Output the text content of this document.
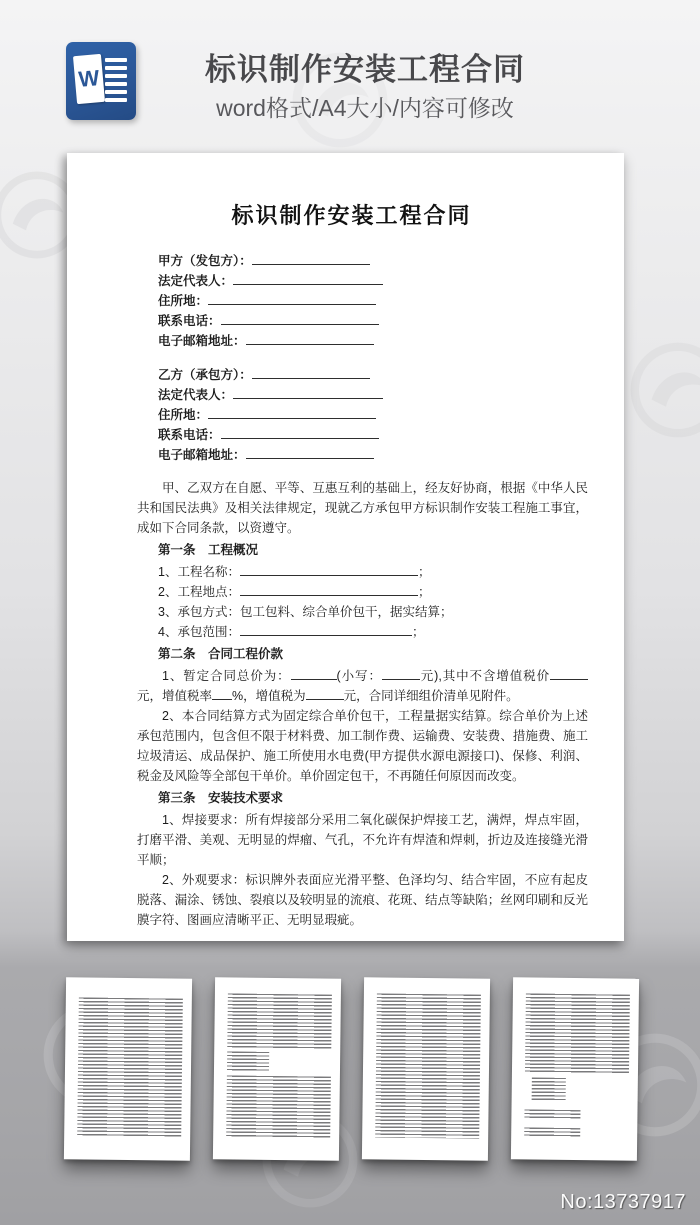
W	标识制作安装工程合同
word格式/A4大小/内容可修改
标识制作安装工程合同
甲方（发包方）：
法定代表人：
住所地：
联系电话：
电子邮箱地址：
乙方（承包方）：
法定代表人：
住所地：
联系电话：
电子邮箱地址：

甲、乙双方在自愿、平等、互惠互利的基础上，经友好协商，根据《中华人民共和国民法典》及相关法律规定，现就乙方承包甲方标识制作安装工程施工事宜，成如下合同条款，以资遵守。

第一条　工程概况
1、工程名称：	；
2、工程地点：	；
3、承包方式：包工包料、综合单价包干，据实结算；
4、承包范围：	；
第二条　合同工程价款

1、暂定合同总价为：	(小写：	元),其中不含增值税价元，增值税率 %，增值税为	元，合同详细组价清单见附件。

2、本合同结算方式为固定综合单价包干，工程量据实结算。综合单价为上述承包范围内，包含但不限于材料费、加工制作费、运输费、安装费、措施费、施工垃圾清运、成品保护、施工所使用水电费(甲方提供水源电源接口)、保修、利润、税金及风险等全部包干单价。单价固定包干，不再随任何原因而改变。

第三条　安装技术要求

1、焊接要求：所有焊接部分采用二氧化碳保护焊接工艺，满焊，焊点牢固，打磨平滑、美观、无明显的焊瘤、气孔，不允许有焊渣和焊刺，折边及连接缝光滑平顺；

2、外观要求：标识牌外表面应光滑平整、色泽均匀、结合牢固，不应有起皮脱落、漏涂、锈蚀、裂痕以及较明显的流痕、花斑、结点等缺陷；丝网印刷和反光膜字符、图画应清晰平正、无明显瑕疵。

No:13737917
